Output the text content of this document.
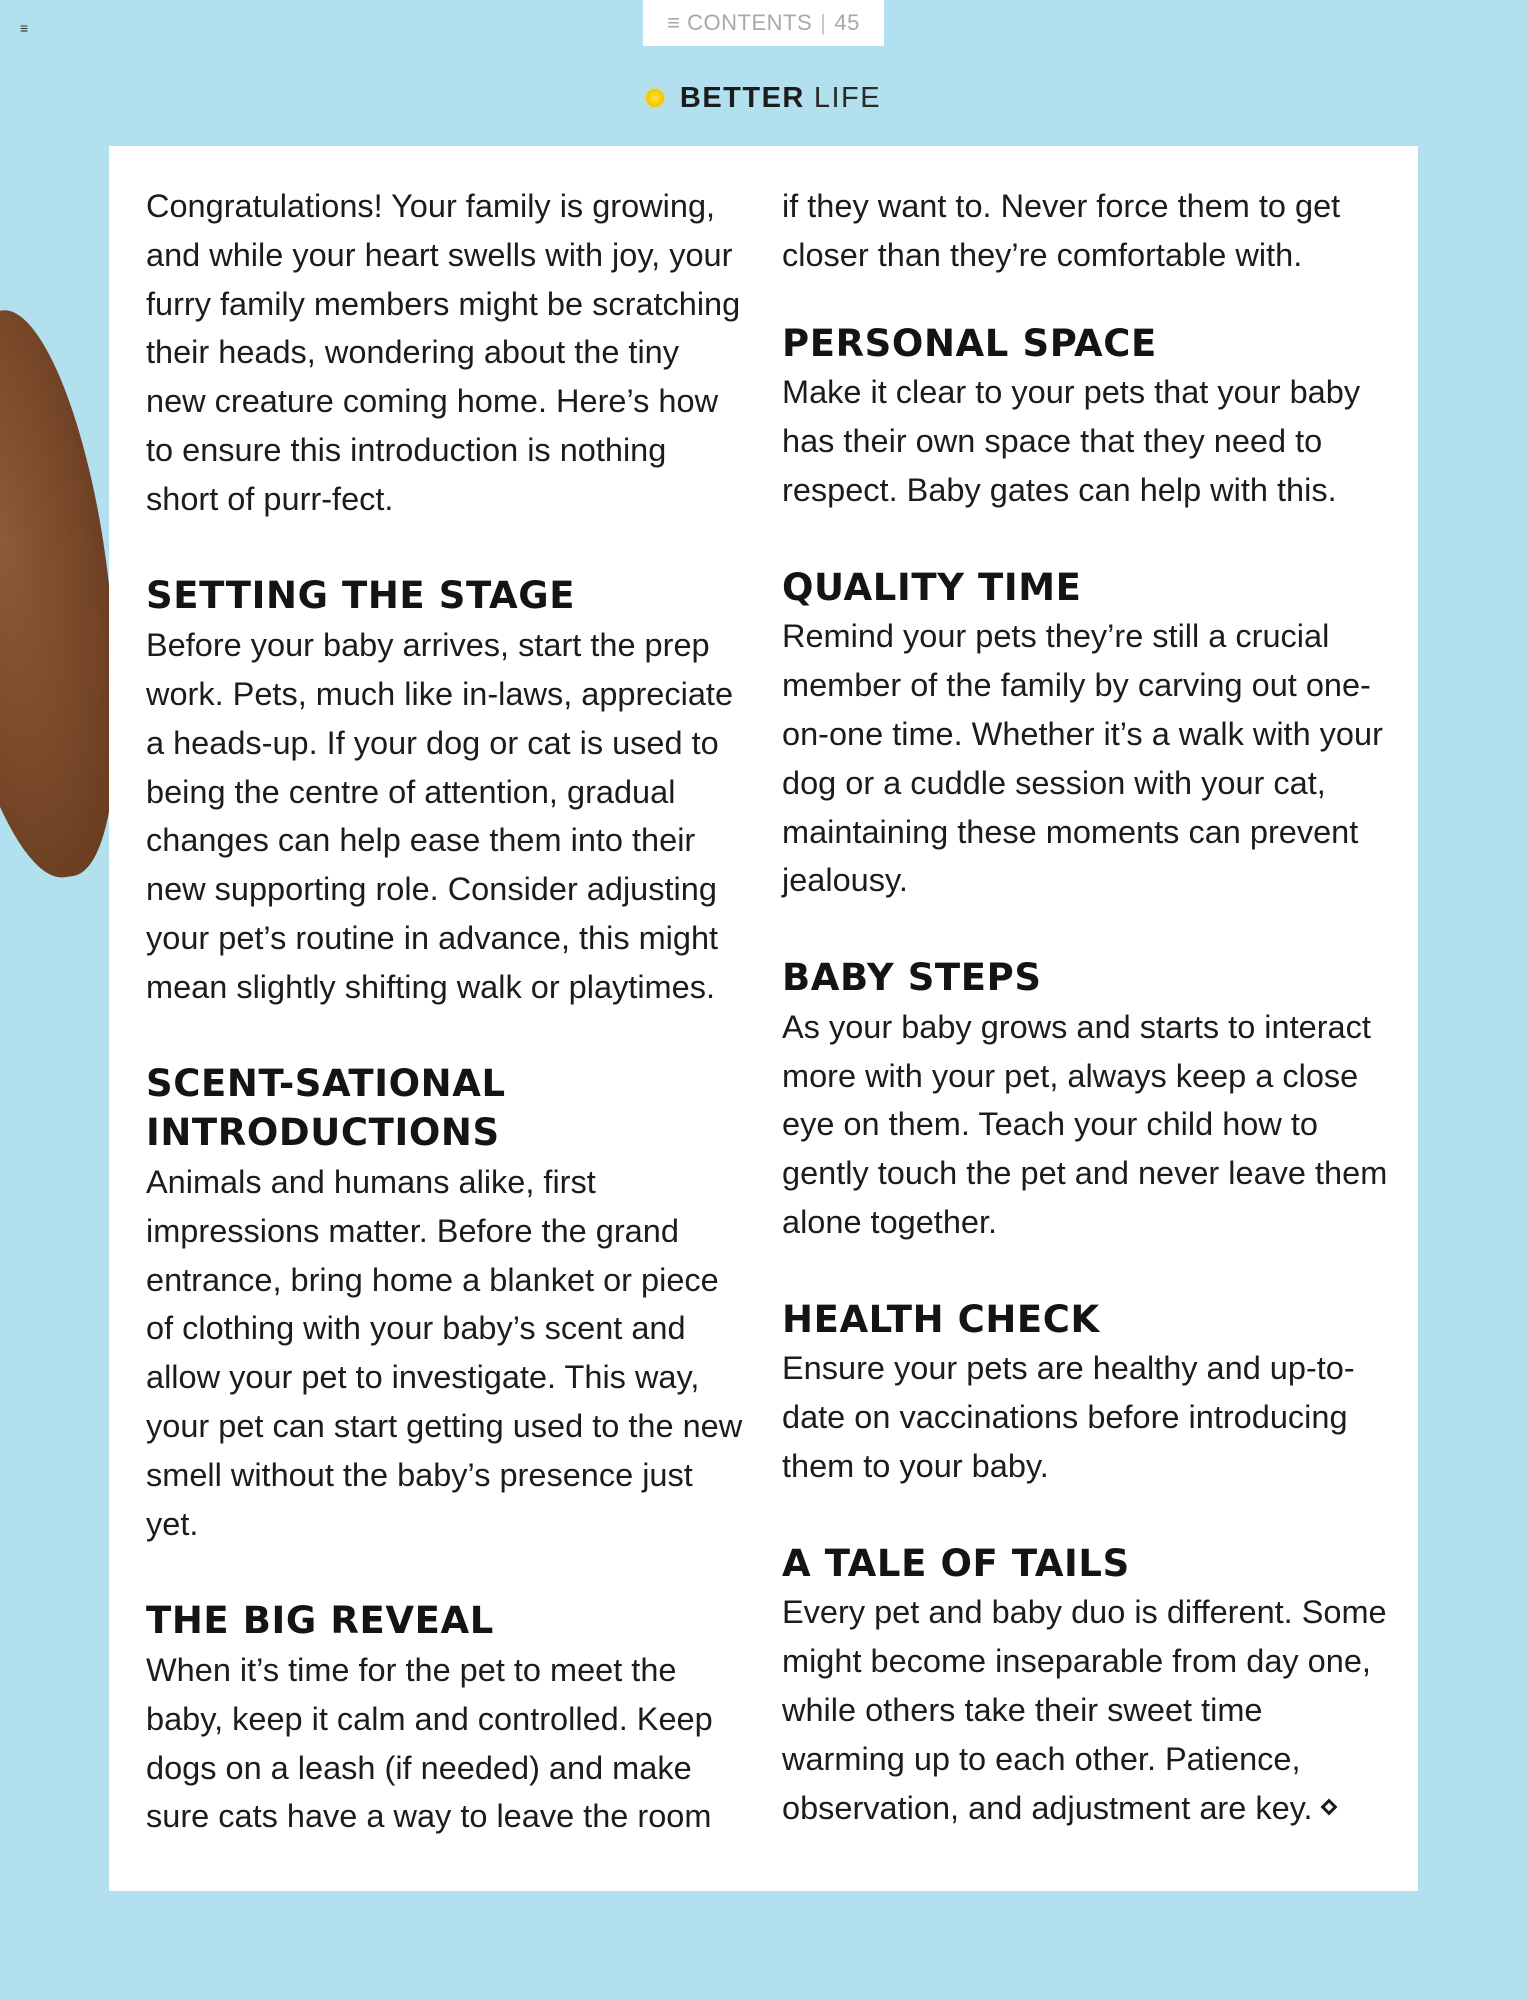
≡	≡ CONTENTS | 45
BETTER LIFE

Congratulations! Your family is growing, and while your heart swells with joy, your furry family members might be scratching their heads, wondering about the tiny new creature coming home. Here’s how to ensure this introduction is nothing short of purr-fect.

SETTING THE STAGE

Before your baby arrives, start the prep work. Pets, much like in-laws, appreciate a heads-up. If your dog or cat is used to being the centre of attention, gradual changes can help ease them into their new supporting role. Consider adjusting your pet’s routine in advance, this might mean slightly shifting walk or playtimes.

SCENT-SATIONAL INTRODUCTIONS

Animals and humans alike, first impressions matter. Before the grand entrance, bring home a blanket or piece of clothing with your baby’s scent and allow your pet to investigate. This way, your pet can start getting used to the new smell without the baby’s presence just yet.

THE BIG REVEAL

When it’s time for the pet to meet the baby, keep it calm and controlled. Keep dogs on a leash (if needed) and make sure cats have a way to leave the room

if they want to. Never force them to get closer than they’re comfortable with.

PERSONAL SPACE

Make it clear to your pets that your baby has their own space that they need to respect. Baby gates can help with this.

QUALITY TIME

Remind your pets they’re still a crucial member of the family by carving out one-on-one time. Whether it’s a walk with your dog or a cuddle session with your cat, maintaining these moments can prevent jealousy.

BABY STEPS

As your baby grows and starts to interact more with your pet, always keep a close eye on them. Teach your child how to gently touch the pet and never leave them alone together.

HEALTH CHECK

Ensure your pets are healthy and up-to-date on vaccinations before introducing them to your baby.

A TALE OF TAILS

Every pet and baby duo is different. Some might become inseparable from day one, while others take their sweet time warming up to each other. Patience, observation, and adjustment are key.
